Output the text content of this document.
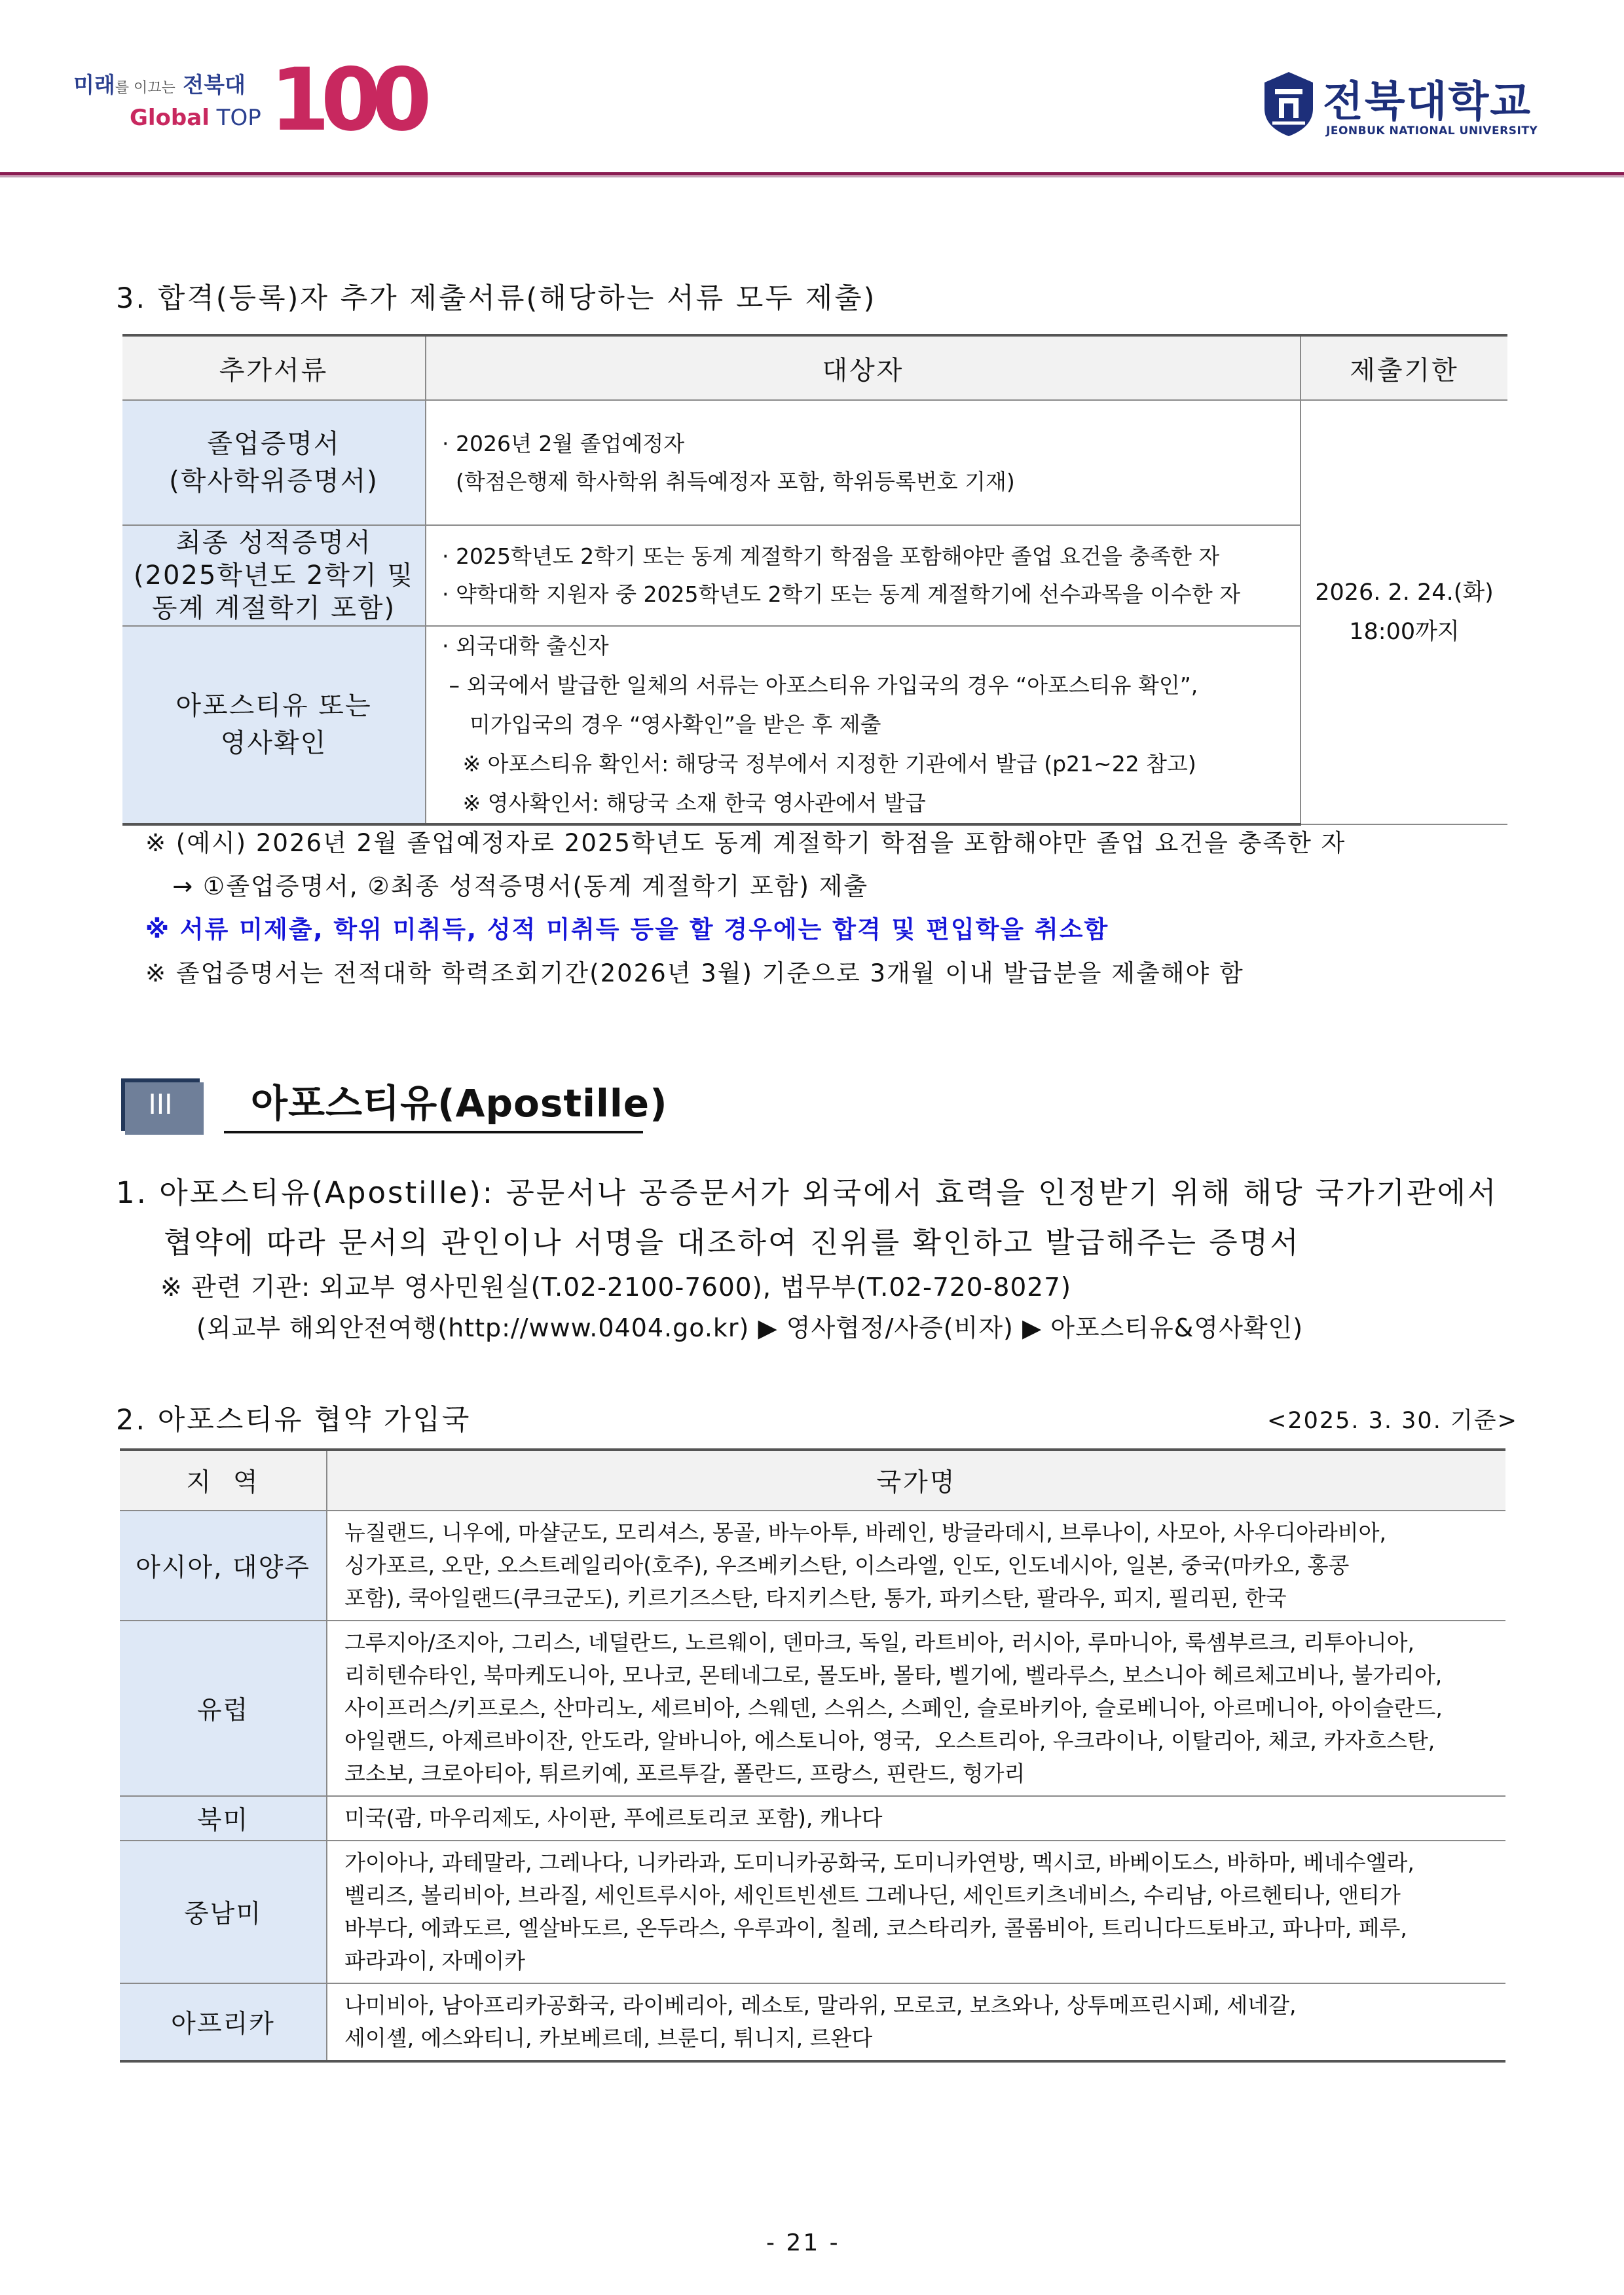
미래를 이끄는 전북대
Global TOP 100	전북대학교
JEONBUK NATIONAL UNIVERSITY
3. 합격(등록)자 추가 제출서류(해당하는 서류 모두 제출)
추가서류	대상자	제출기한

졸업증명서
(학사학위증명서)	· 2026년 2월 졸업예정자
(학점은행제 학사학위 취득예정자 포함, 학위등록번호 기재)	2026. 2. 24.(화)
18:00까지

최종 성적증명서
(2025학년도 2학기 및
동계 계절학기 포함)	· 2025학년도 2학기 또는 동계 계절학기 학점을 포함해야만 졸업 요건을 충족한 자
· 약학대학 지원자 중 2025학년도 2학기 또는 동계 계절학기에 선수과목을 이수한 자	

아포스티유 또는
영사확인	· 외국대학 출신자
– 외국에서 발급한 일체의 서류는 아포스티유 가입국의 경우 “아포스티유 확인”,
미가입국의 경우 “영사확인”을 받은 후 제출
※ 아포스티유 확인서: 해당국 정부에서 지정한 기관에서 발급 (p21~22 참고)
※ 영사확인서: 해당국 소재 한국 영사관에서 발급	
※ (예시) 2026년 2월 졸업예정자로 2025학년도 동계 계절학기 학점을 포함해야만 졸업 요건을 충족한 자
→ ①졸업증명서, ②최종 성적증명서(동계 계절학기 포함) 제출
※ 서류 미제출, 학위 미취득, 성적 미취득 등을 할 경우에는 합격 및 편입학을 취소함
※ 졸업증명서는 전적대학 학력조회기간(2026년 3월) 기준으로 3개월 이내 발급분을 제출해야 함
III	아포스티유(Apostille)
1. 아포스티유(Apostille): 공문서나 공증문서가 외국에서 효력을 인정받기 위해 해당 국가기관에서
협약에 따라 문서의 관인이나 서명을 대조하여 진위를 확인하고 발급해주는 증명서
※ 관련 기관: 외교부 영사민원실(T.02-2100-7600), 법무부(T.02-720-8027)
(외교부 해외안전여행(http://www.0404.go.kr) ▶ 영사협정/사증(비자) ▶ 아포스티유&영사확인)
2. 아포스티유 협약 가입국	<2025. 3. 30. 기준>
지  역	국가명
아시아, 대양주	뉴질랜드, 니우에, 마샬군도, 모리셔스, 몽골, 바누아투, 바레인, 방글라데시, 브루나이, 사모아, 사우디아라비아,
싱가포르, 오만, 오스트레일리아(호주), 우즈베키스탄, 이스라엘, 인도, 인도네시아, 일본, 중국(마카오, 홍콩
포함), 쿡아일랜드(쿠크군도), 키르기즈스탄, 타지키스탄, 통가, 파키스탄, 팔라우, 피지, 필리핀, 한국

유럽	그루지아/조지아, 그리스, 네덜란드, 노르웨이, 덴마크, 독일, 라트비아, 러시아, 루마니아, 룩셈부르크, 리투아니아,
리히텐슈타인, 북마케도니아, 모나코, 몬테네그로, 몰도바, 몰타, 벨기에, 벨라루스, 보스니아 헤르체고비나, 불가리아,
사이프러스/키프로스, 산마리노, 세르비아, 스웨덴, 스위스, 스페인, 슬로바키아, 슬로베니아, 아르메니아, 아이슬란드,
아일랜드, 아제르바이잔, 안도라, 알바니아, 에스토니아, 영국,  오스트리아, 우크라이나, 이탈리아, 체코, 카자흐스탄,
코소보, 크로아티아, 튀르키예, 포르투갈, 폴란드, 프랑스, 핀란드, 헝가리

북미	미국(괌, 마우리제도, 사이판, 푸에르토리코 포함), 캐나다

중남미	가이아나, 과테말라, 그레나다, 니카라과, 도미니카공화국, 도미니카연방, 멕시코, 바베이도스, 바하마, 베네수엘라,
벨리즈, 볼리비아, 브라질, 세인트루시아, 세인트빈센트 그레나딘, 세인트키츠네비스, 수리남, 아르헨티나, 앤티가
바부다, 에콰도르, 엘살바도르, 온두라스, 우루과이, 칠레, 코스타리카, 콜롬비아, 트리니다드토바고, 파나마, 페루,
파라과이, 자메이카

아프리카	나미비아, 남아프리카공화국, 라이베리아, 레소토, 말라위, 모로코, 보츠와나, 상투메프린시페, 세네갈,
세이셸, 에스와티니, 카보베르데, 브룬디, 튀니지, 르완다
- 21 -
